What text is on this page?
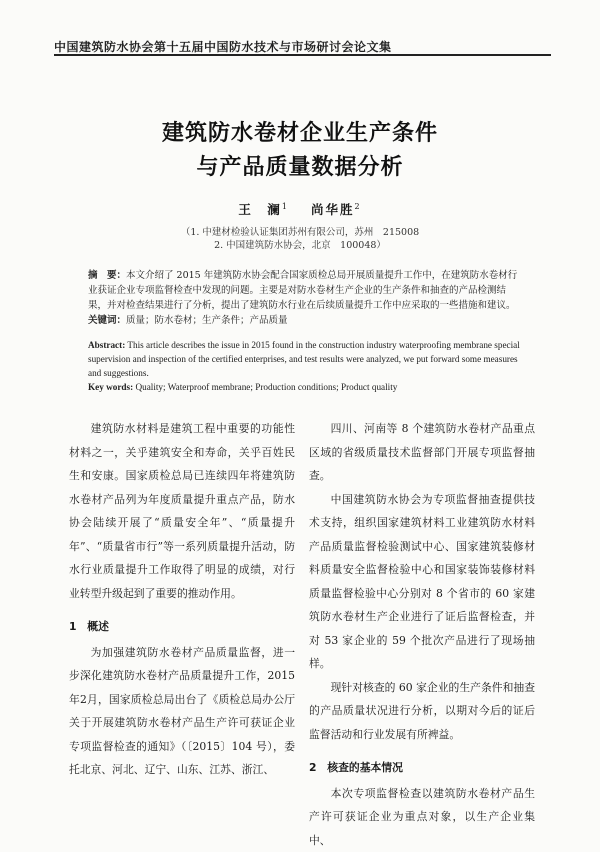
中国建筑防水协会第十五届中国防水技术与市场研讨会论文集
建筑防水卷材企业生产条件
与产品质量数据分析
王　澜$^1$ 尚华胜$^2$
（1. 中建材检验认证集团苏州有限公司，苏州　215008
2. 中国建筑防水协会，北京　100048）
摘　要：本文介绍了 2015 年建筑防水协会配合国家质检总局开展质量提升工作中，在建筑防水卷材行业获证企业专项监督检查中发现的问题。主要是对防水卷材生产企业的生产条件和抽查的产品检测结果，并对检查结果进行了分析，提出了建筑防水行业在后续质量提升工作中应采取的一些措施和建议。
关键词：质量；防水卷材；生产条件；产品质量
Abstract: This article describes the issue in 2015 found in the construction industry waterproofing membrane special supervision and inspection of the certified enterprises, and test results were analyzed, we put forward some measures and suggestions.
Key words: Quality; Waterproof membrane; Production conditions; Product quality

建筑防水材料是建筑工程中重要的功能性材料之一，关乎建筑安全和寿命，关乎百姓民生和安康。国家质检总局已连续四年将建筑防水卷材产品列为年度质量提升重点产品，防水协会陆续开展了“质量安全年”、“质量提升年”、“质量省市行”等一系列质量提升活动，防水行业质量提升工作取得了明显的成绩，对行业转型升级起到了重要的推动作用。

1　概述

为加强建筑防水卷材产品质量监督，进一步深化建筑防水卷材产品质量提升工作，2015年2月，国家质检总局出台了《质检总局办公厅关于开展建筑防水卷材产品生产许可获证企业专项监督检查的通知》（〔2015〕104 号），委托北京、河北、辽宁、山东、江苏、浙江、

四川、河南等 8 个建筑防水卷材产品重点区域的省级质量技术监督部门开展专项监督抽查。

中国建筑防水协会为专项监督抽查提供技术支持，组织国家建筑材料工业建筑防水材料产品质量监督检验测试中心、国家建筑装修材料质量安全监督检验中心和国家装饰装修材料质量监督检验中心分别对 8 个省市的 60 家建筑防水卷材生产企业进行了证后监督检查，并对 53 家企业的 59 个批次产品进行了现场抽样。

现针对核查的 60 家企业的生产条件和抽查的产品质量状况进行分析，以期对今后的证后监督活动和行业发展有所裨益。

2　核查的基本情况

本次专项监督检查以建筑防水卷材产品生产许可获证企业为重点对象，以生产企业集中、
